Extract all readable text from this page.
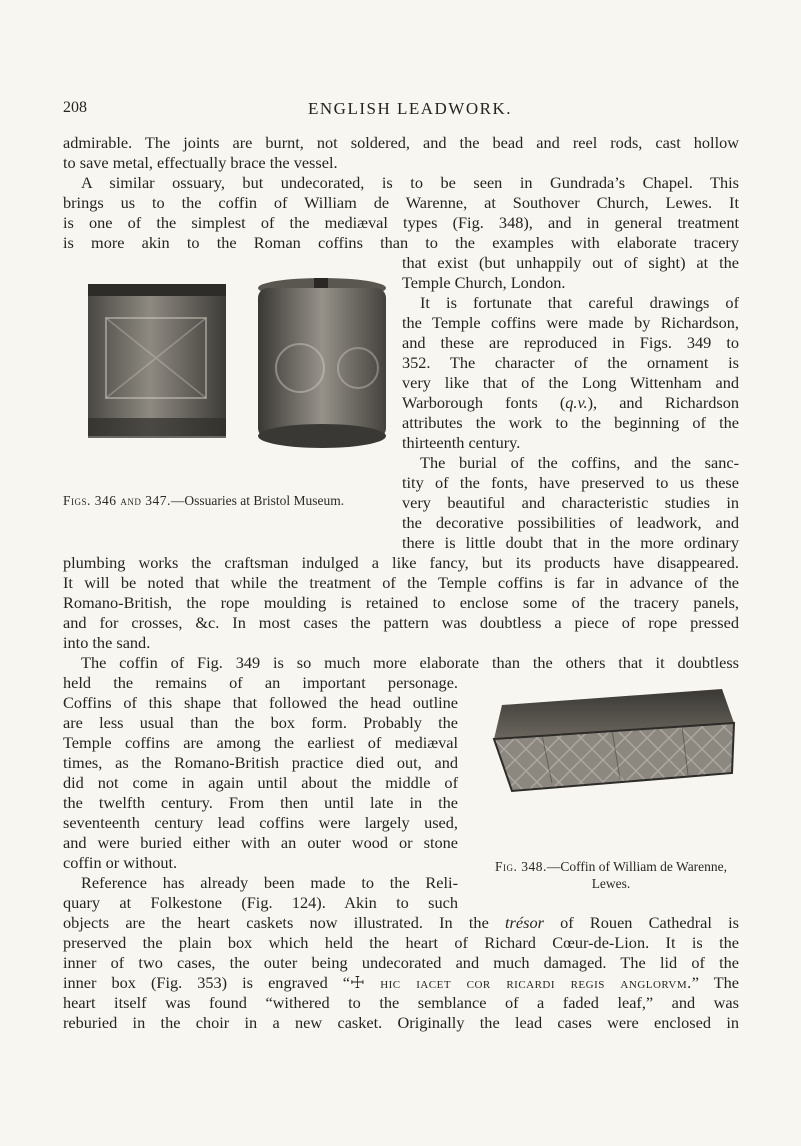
208	ENGLISH LEADWORK.
admirable. The joints are burnt, not soldered, and the bead and reel rods, cast hollow
to save metal, effectually brace the vessel.
A similar ossuary, but undecorated, is to be seen in Gundrada’s Chapel. This
brings us to the coffin of William de Warenne, at Southover Church, Lewes. It
is one of the simplest of the mediæval types (Fig. 348), and in general treatment
is more akin to the Roman coffins than to the examples with elaborate tracery
that exist (but unhappily out of sight) at the
Temple Church, London.
It is fortunate that careful drawings of
the Temple coffins were made by Richardson,
and these are reproduced in Figs. 349 to
352. The character of the ornament is
very like that of the Long Wittenham and
Warborough fonts (q.v.), and Richardson
attributes the work to the beginning of the
thirteenth century.
The burial of the coffins, and the sanc-
tity of the fonts, have preserved to us these
very beautiful and characteristic studies in
the decorative possibilities of leadwork, and
there is little doubt that in the more ordinary
plumbing works the craftsman indulged a like fancy, but its products have disappeared.
It will be noted that while the treatment of the Temple coffins is far in advance of the
Romano-British, the rope moulding is retained to enclose some of the tracery panels,
and for crosses, &c. In most cases the pattern was doubtless a piece of rope pressed
into the sand.
The coffin of Fig. 349 is so much more elaborate than the others that it doubtless
held the remains of an important personage.
Coffins of this shape that followed the head outline
are less usual than the box form. Probably the
Temple coffins are among the earliest of mediæval
times, as the Romano-British practice died out, and
did not come in again until about the middle of
the twelfth century. From then until late in the
seventeenth century lead coffins were largely used,
and were buried either with an outer wood or stone
coffin or without.
Reference has already been made to the Reli-
quary at Folkestone (Fig. 124). Akin to such
objects are the heart caskets now illustrated. In the trésor of Rouen Cathedral is
preserved the plain box which held the heart of Richard Cœur-de-Lion. It is the
inner of two cases, the outer being undecorated and much damaged. The lid of the
inner box (Fig. 353) is engraved “☩ hic iacet cor ricardi regis anglorvm.” The
heart itself was found “withered to the semblance of a faded leaf,” and was
reburied in the choir in a new casket. Originally the lead cases were enclosed in
Figs. 346 and 347.—Ossuaries at Bristol Museum.
Fig. 348.—Coffin of William de Warenne,
Lewes.
